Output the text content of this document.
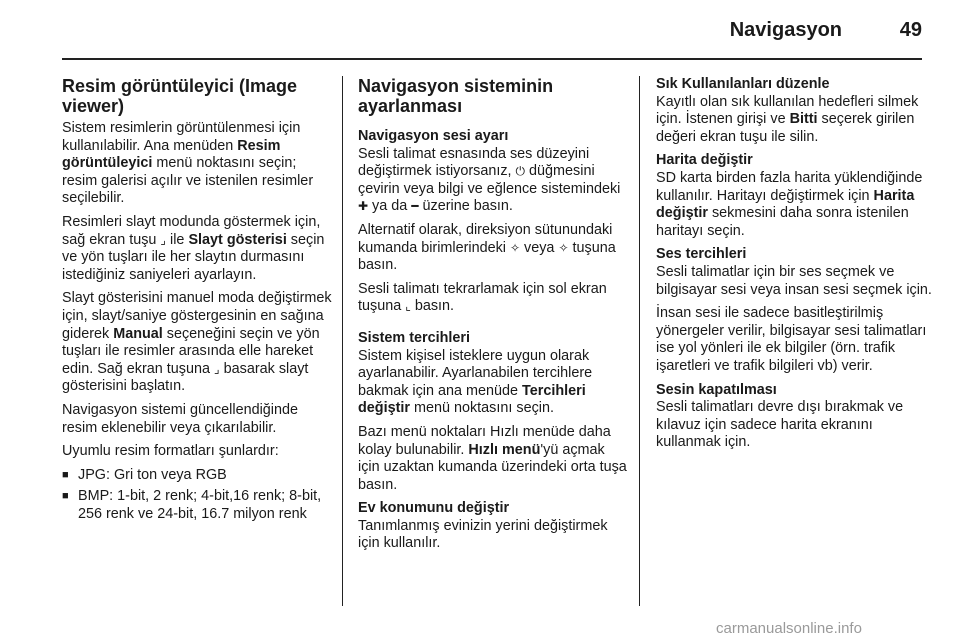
Navigasyon	49
Resim görüntüleyici (Image viewer)

Sistem resimlerin görüntülenmesi için kullanılabilir. Ana menüden Resim görüntüleyici menü noktasını seçin; resim galerisi açılır ve istenilen resimler seçilebilir.

Resimleri slayt modunda göstermek için, sağ ekran tuşu ⌟ ile Slayt gösterisi seçin ve yön tuşları ile her slaytın durmasını istediğiniz saniyeleri ayarlayın.

Slayt gösterisini manuel moda değiştirmek için, slayt/saniye göstergesinin en sağına giderek Manual seçeneğini seçin ve yön tuşları ile resimler arasında elle hareket edin. Sağ ekran tuşuna ⌟ basarak slayt gösterisini başlatın.

Navigasyon sistemi güncellendiğinde resim eklenebilir veya çıkarılabilir.

Uyumlu resim formatları şunlardır:

■ JPG: Gri ton veya RGB
■ BMP: 1-bit, 2 renk; 4-bit,16 renk; 8-bit, 256 renk ve 24-bit, 16.7 milyon renk
Navigasyon sisteminin ayarlanması
Navigasyon sesi ayarı

Sesli talimat esnasında ses düzeyini değiştirmek istiyorsanız, ⏻ düğmesini çevirin veya bilgi ve eğlence sistemindeki ✚ ya da ━ üzerine basın.

Alternatif olarak, direksiyon sütunundaki kumanda birimlerindeki ✧ veya ✧ tuşuna basın.

Sesli talimatı tekrarlamak için sol ekran tuşuna ⌞ basın.

Sistem tercihleri

Sistem kişisel isteklere uygun olarak ayarlanabilir. Ayarlanabilen tercihlere bakmak için ana menüde Tercihleri değiştir menü noktasını seçin.

Bazı menü noktaları Hızlı menüde daha kolay bulunabilir. Hızlı menü'yü açmak için uzaktan kumanda üzerindeki orta tuşa basın.

Ev konumunu değiştir

Tanımlanmış evinizin yerini değiştirmek için kullanılır.

Sık Kullanılanları düzenle

Kayıtlı olan sık kullanılan hedefleri silmek için. İstenen girişi ve Bitti seçerek girilen değeri ekran tuşu ile silin.

Harita değiştir

SD karta birden fazla harita yüklendiğinde kullanılır. Haritayı değiştirmek için Harita değiştir sekmesini daha sonra istenilen haritayı seçin.

Ses tercihleri

Sesli talimatlar için bir ses seçmek ve bilgisayar sesi veya insan sesi seçmek için.

İnsan sesi ile sadece basitleştirilmiş yönergeler verilir, bilgisayar sesi talimatları ise yol yönleri ile ek bilgiler (örn. trafik işaretleri ve trafik bilgileri vb) verir.

Sesin kapatılması

Sesli talimatları devre dışı bırakmak ve kılavuz için sadece harita ekranını kullanmak için.

carmanualsonline.info
